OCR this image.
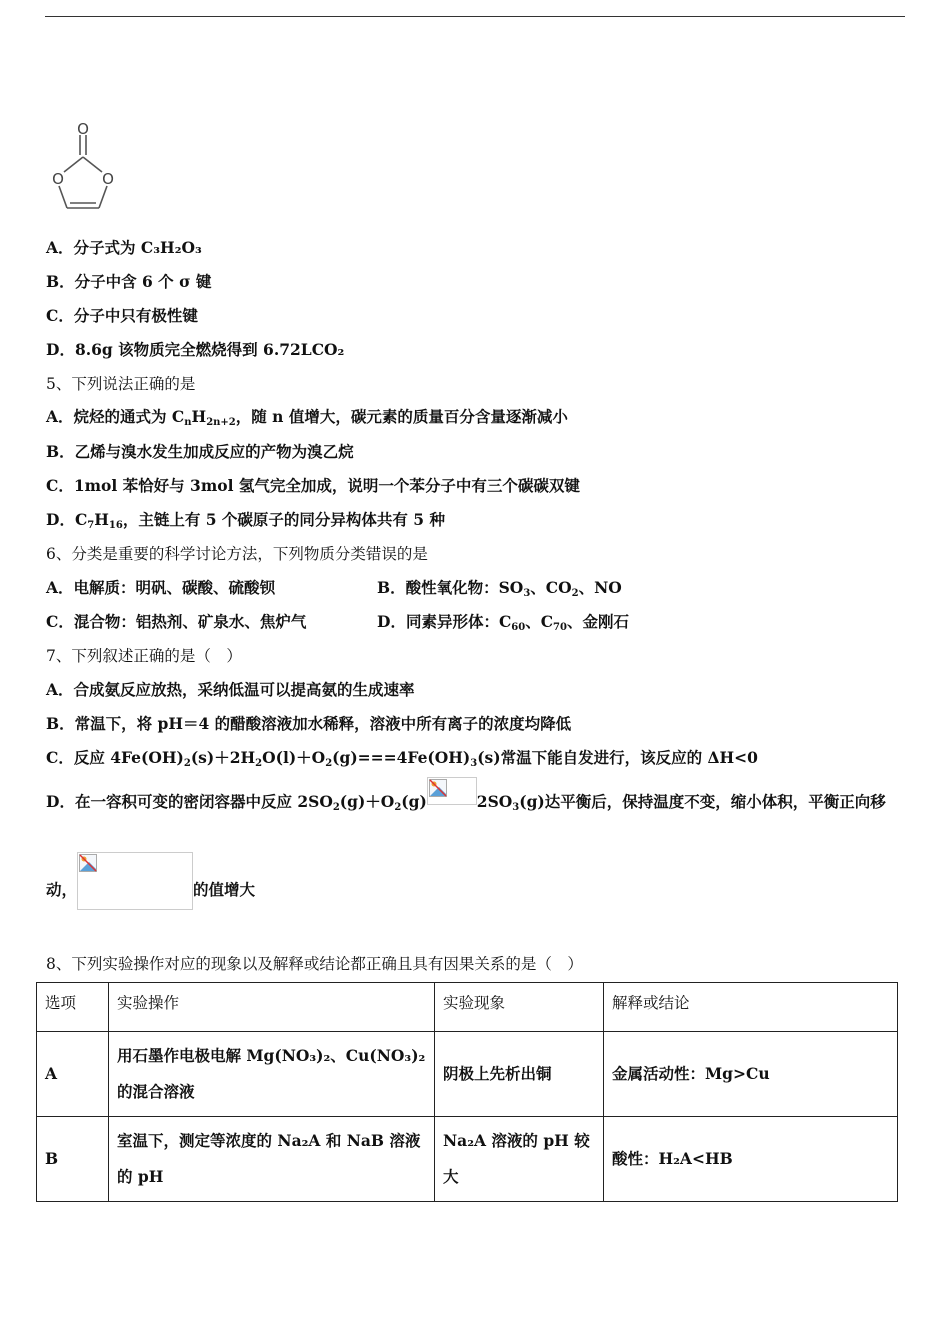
O
O	O
A．分子式为 C₃H₂O₃
B．分子中含 6 个 σ 键
C．分子中只有极性键
D．8.6g 该物质完全燃烧得到 6.72LCO₂
5、下列说法正确的是
A．烷烃的通式为 $C_nH_{2n+2}$，随 n 值增大，碳元素的质量百分含量逐渐减小
B．乙烯与溴水发生加成反应的产物为溴乙烷
C．1mol 苯恰好与 3mol 氢气完全加成，说明一个苯分子中有三个碳碳双键
D．$C_7H_{16}$，主链上有 5 个碳原子的同分异构体共有 5 种
6、分类是重要的科学讨论方法，下列物质分类错误的是
A．电解质：明矾、碳酸、硫酸钡	B．酸性氧化物：$SO_3$、$CO_2$、NO
C．混合物：铝热剂、矿泉水、焦炉气	D．同素异形体：$C_{60}$、$C_{70}$、金刚石
7、下列叙述正确的是（　）
A．合成氨反应放热，采纳低温可以提高氨的生成速率
B．常温下，将 pH＝4 的醋酸溶液加水稀释，溶液中所有离子的浓度均降低
C．反应 $4Fe(OH)_2(s)+2H_2O(l)+O_2(g)===4Fe(OH)_3(s)$常温下能自发进行，该反应的 ΔH<0
D．在一容积可变的密闭容器中反应 $2SO_2(g)+O_2(g)$	$2SO_3(g)$达平衡后，保持温度不变，缩小体积，平衡正向移
动，	的值增大
8、下列实验操作对应的现象以及解释或结论都正确且具有因果关系的是（　）
选项	实验操作	实验现象	解释或结论
A	用石墨作电极电解 Mg(NO₃)₂、Cu(NO₃)₂的混合溶液	阴极上先析出铜	金属活动性：Mg>Cu
B	室温下，测定等浓度的 Na₂A 和 NaB 溶液的 pH	Na₂A 溶液的 pH 较大	酸性：H₂A<HB
